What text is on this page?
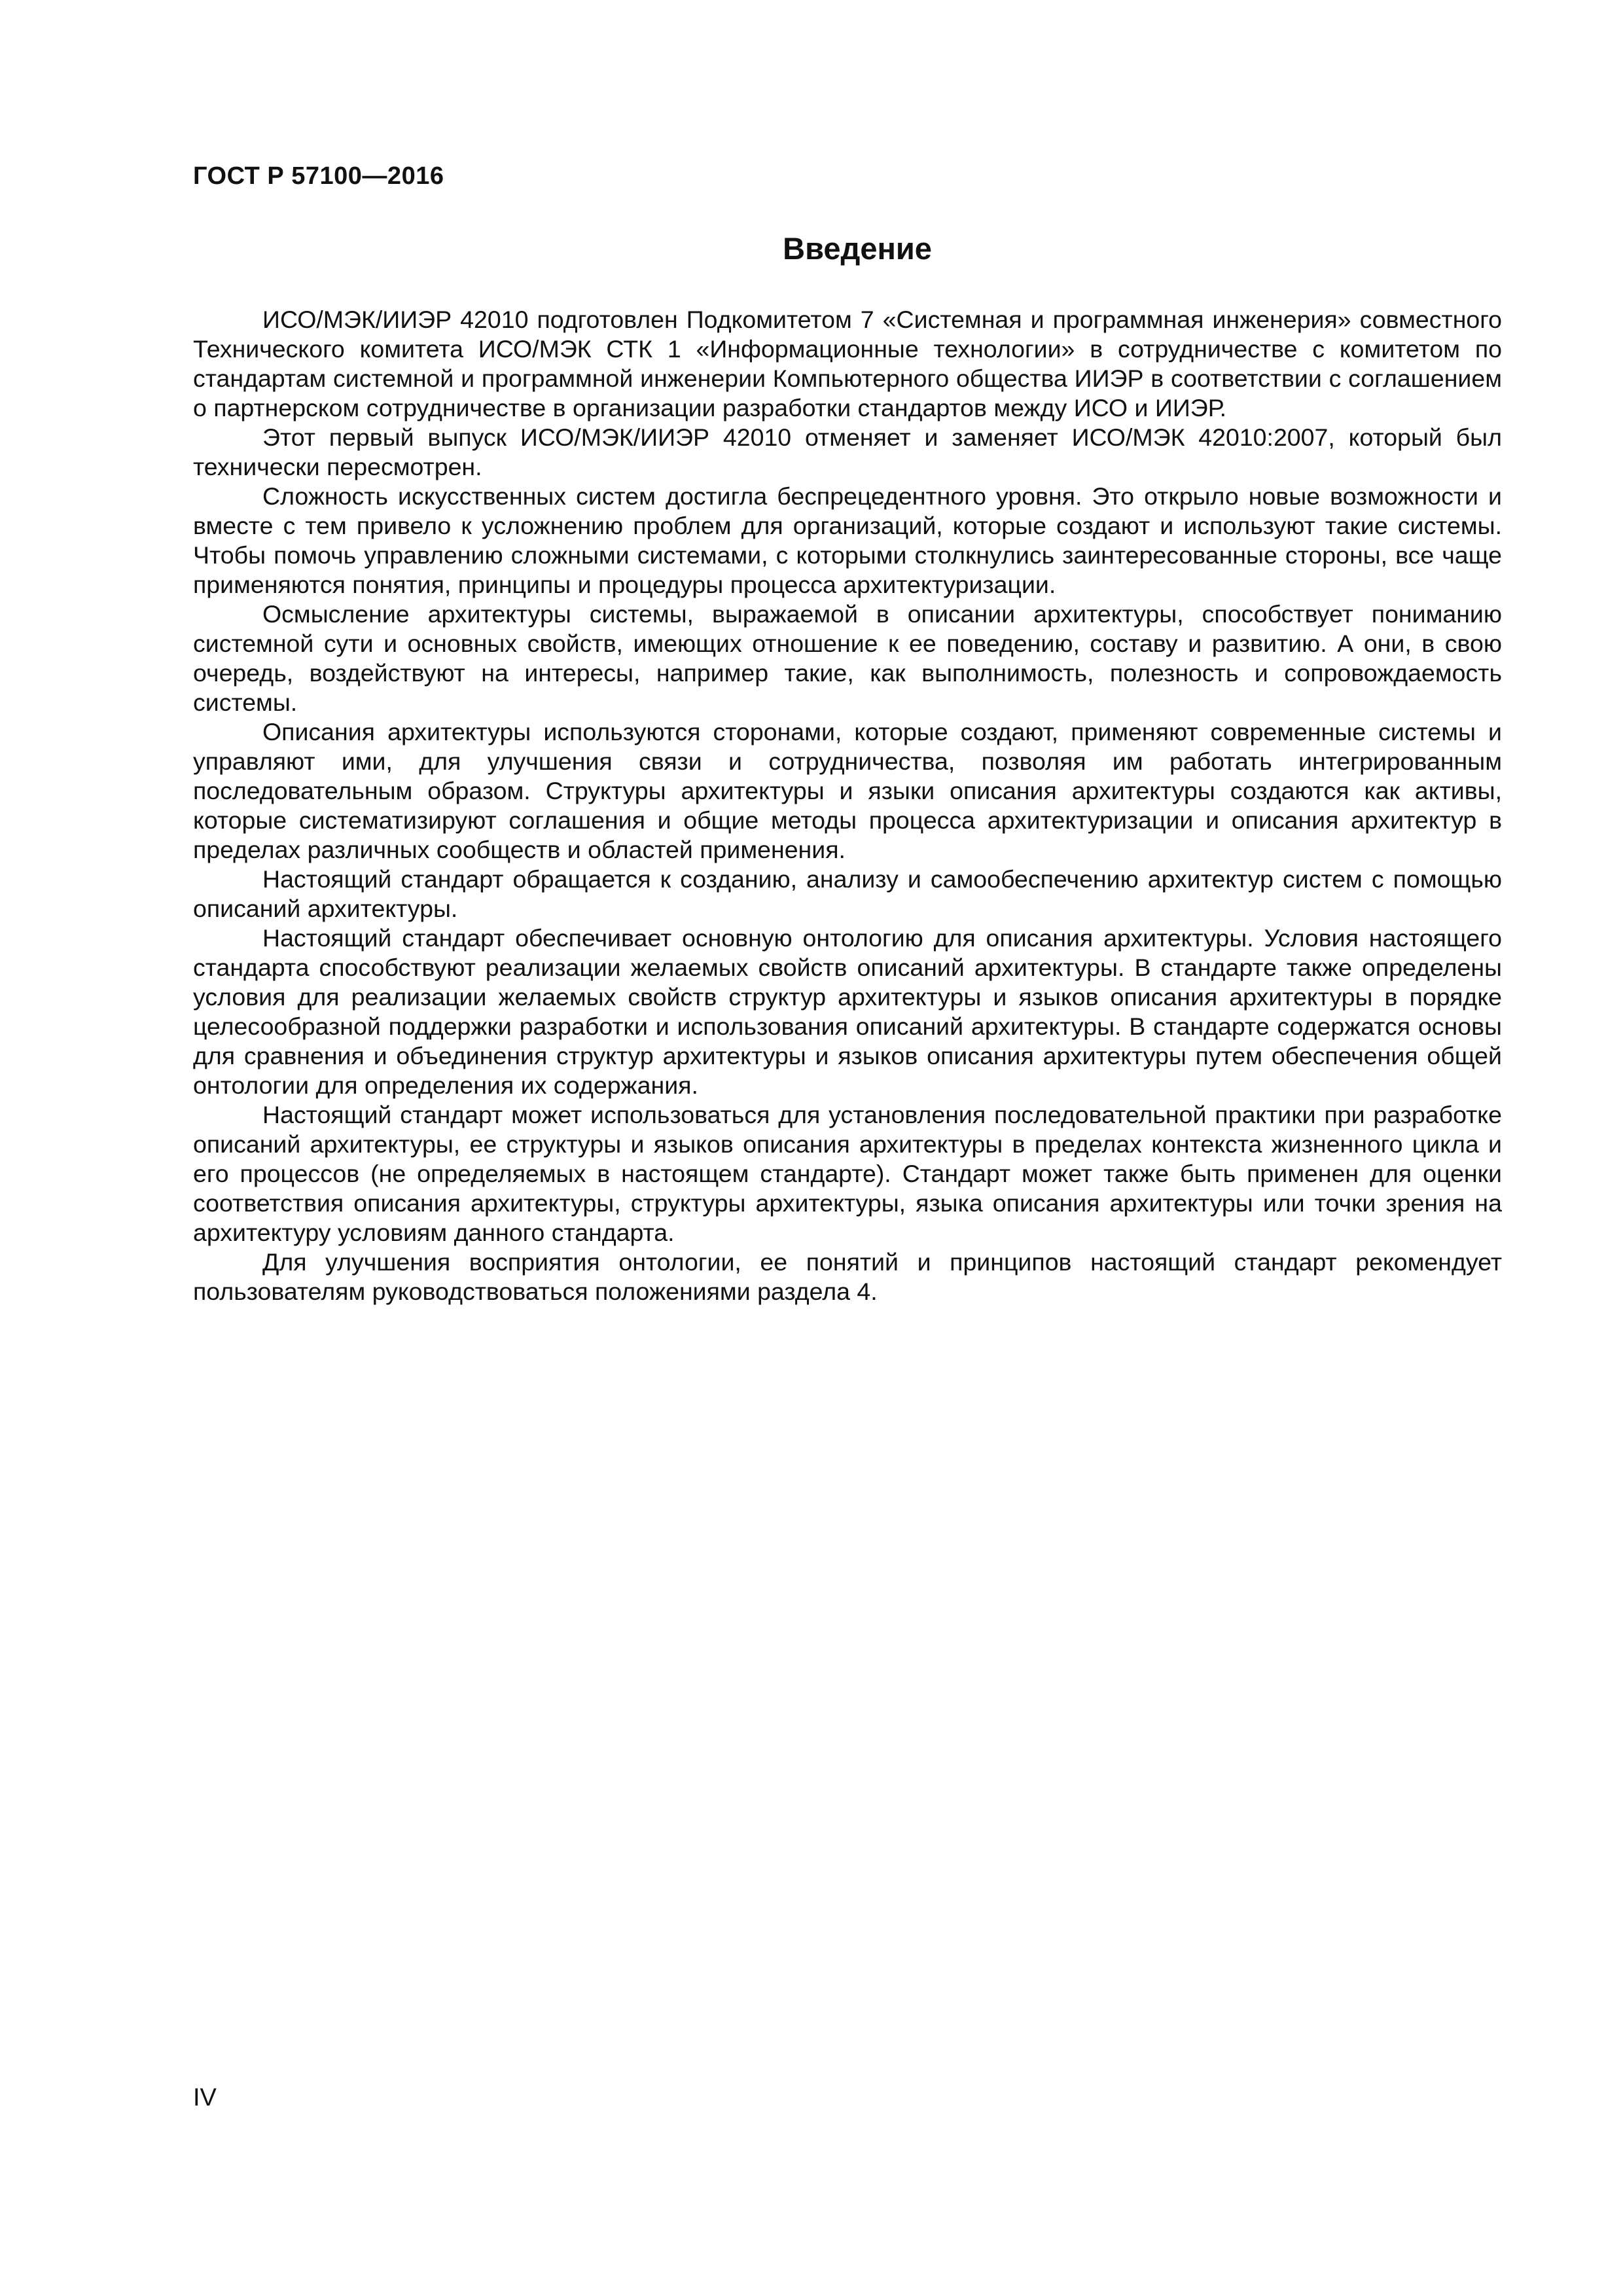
ГОСТ Р 57100—2016
Введение

ИСО/МЭК/ИИЭР 42010 подготовлен Подкомитетом 7 «Системная и программная инженерия» совместного Технического комитета ИСО/МЭК СТК 1 «Информационные технологии» в сотрудничестве с комитетом по стандартам системной и программной инженерии Компьютерного общества ИИЭР в соответствии с соглашением о партнерском сотрудничестве в организации разработки стандартов между ИСО и ИИЭР.

Этот первый выпуск ИСО/МЭК/ИИЭР 42010 отменяет и заменяет ИСО/МЭК 42010:2007, который был технически пересмотрен.

Сложность искусственных систем достигла беспрецедентного уровня. Это открыло новые возможности и вместе с тем привело к усложнению проблем для организаций, которые создают и используют такие системы. Чтобы помочь управлению сложными системами, с которыми столкнулись заинтересованные стороны, все чаще применяются понятия, принципы и процедуры процесса архитектуризации.

Осмысление архитектуры системы, выражаемой в описании архитектуры, способствует пониманию системной сути и основных свойств, имеющих отношение к ее поведению, составу и развитию. А они, в свою очередь, воздействуют на интересы, например такие, как выполнимость, полезность и сопровождаемость системы.

Описания архитектуры используются сторонами, которые создают, применяют современные системы и управляют ими, для улучшения связи и сотрудничества, позволяя им работать интегрированным последовательным образом. Структуры архитектуры и языки описания архитектуры создаются как активы, которые систематизируют соглашения и общие методы процесса архитектуризации и описания архитектур в пределах различных сообществ и областей применения.

Настоящий стандарт обращается к созданию, анализу и самообеспечению архитектур систем с помощью описаний архитектуры.

Настоящий стандарт обеспечивает основную онтологию для описания архитектуры. Условия настоящего стандарта способствуют реализации желаемых свойств описаний архитектуры. В стандарте также определены условия для реализации желаемых свойств структур архитектуры и языков описания архитектуры в порядке целесообразной поддержки разработки и использования описаний архитектуры. В стандарте содержатся основы для сравнения и объединения структур архитектуры и языков описания архитектуры путем обеспечения общей онтологии для определения их содержания.

Настоящий стандарт может использоваться для установления последовательной практики при разработке описаний архитектуры, ее структуры и языков описания архитектуры в пределах контекста жизненного цикла и его процессов (не определяемых в настоящем стандарте). Стандарт может также быть применен для оценки соответствия описания архитектуры, структуры архитектуры, языка описания архитектуры или точки зрения на архитектуру условиям данного стандарта.

Для улучшения восприятия онтологии, ее понятий и принципов настоящий стандарт рекомендует пользователям руководствоваться положениями раздела 4.

IV
